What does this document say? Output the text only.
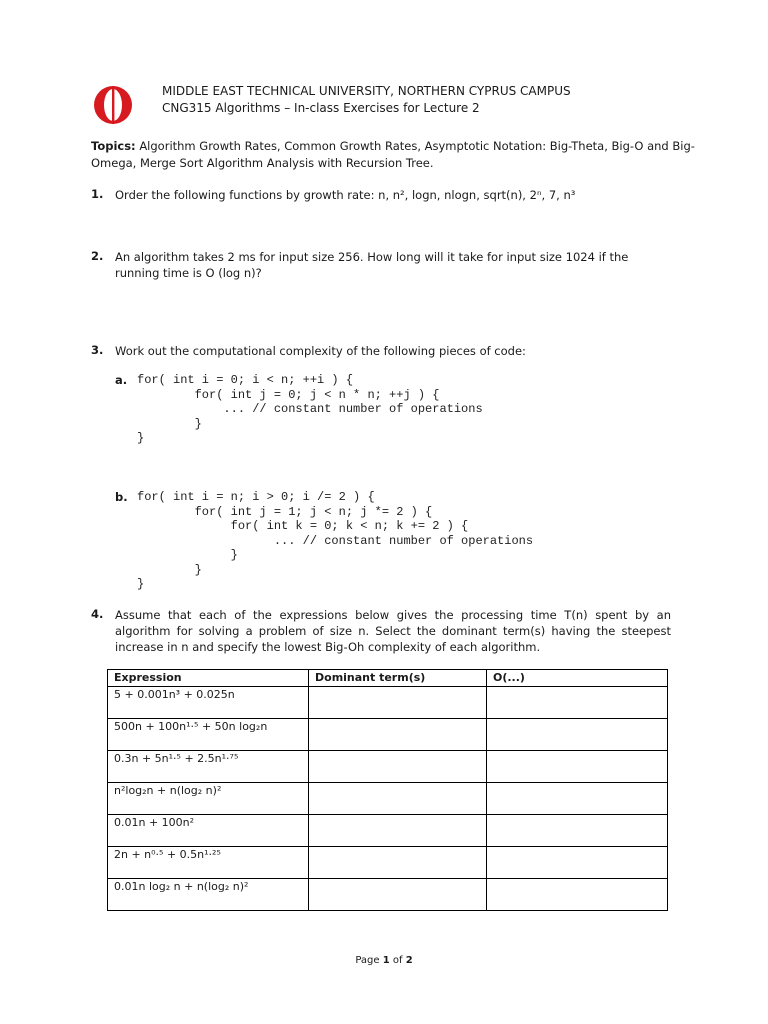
MIDDLE EAST TECHNICAL UNIVERSITY, NORTHERN CYPRUS CAMPUS
CNG315 Algorithms – In-class Exercises for Lecture 2
Topics: Algorithm Growth Rates, Common Growth Rates, Asymptotic Notation: Big-Theta, Big-O and Big-Omega, Merge Sort Algorithm Analysis with Recursion Tree.
1. Order the following functions by growth rate: n, n², logn, nlogn, sqrt(n), 2ⁿ, 7, n³
2. An algorithm takes 2 ms for input size 256. How long will it take for input size 1024 if the running time is O (log n)?
3. Work out the computational complexity of the following pieces of code:
a. for( int i = 0; i < n; ++i ) {
for( int j = 0; j < n * n; ++j ) {
... // constant number of operations
}
}
b. for( int i = n; i > 0; i /= 2 ) {
for( int j = 1; j < n; j *= 2 ) {
for( int k = 0; k < n; k += 2 ) {
... // constant number of operations
}
}
}
4. Assume that each of the expressions below gives the processing time T(n) spent by an algorithm for solving a problem of size n. Select the dominant term(s) having the steepest increase in n and specify the lowest Big-Oh complexity of each algorithm.
Expression	Dominant term(s)	O(...)
5 + 0.001n³ + 0.025n		
500n + 100n¹·⁵ + 50n log₂n		
0.3n + 5n¹·⁵ + 2.5n¹·⁷⁵		
n²log₂n + n(log₂ n)²		
0.01n + 100n²		
2n + n⁰·⁵ + 0.5n¹·²⁵		
0.01n log₂ n + n(log₂ n)²		
Page 1 of 2
